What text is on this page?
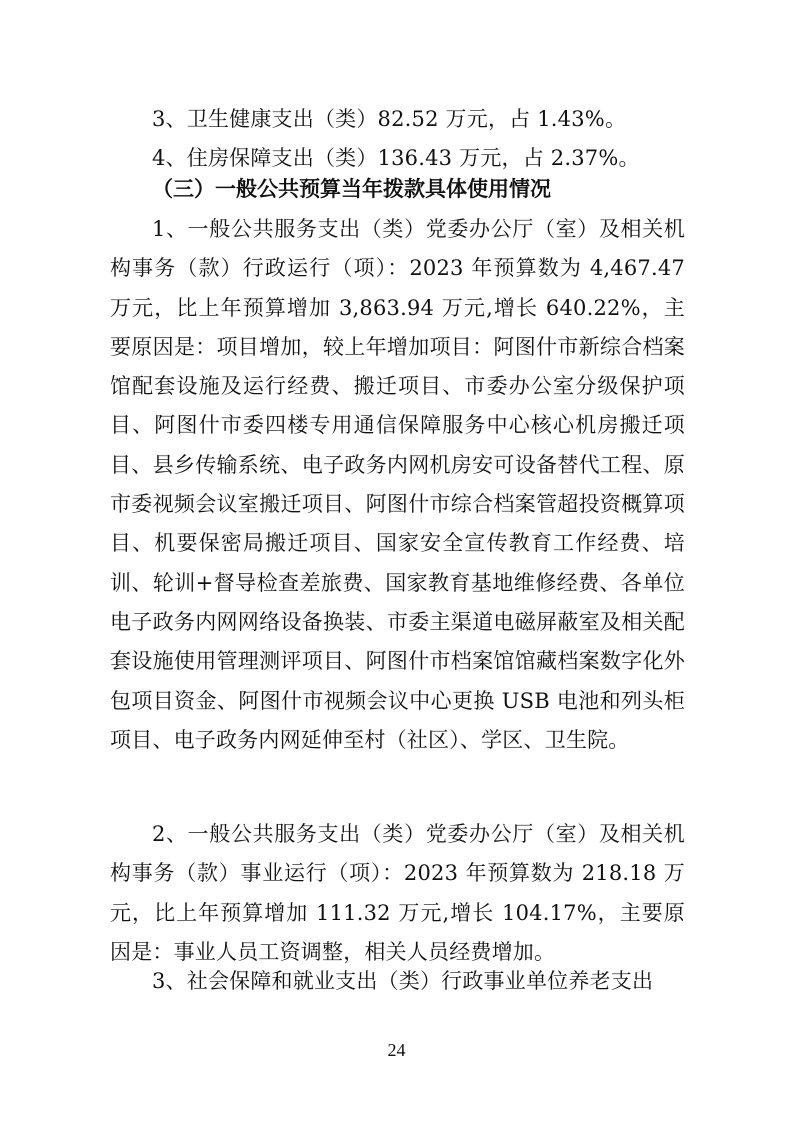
3、卫生健康支出（类）82.52 万元，占 1.43%。

4、住房保障支出（类）136.43 万元，占 2.37%。

（三）一般公共预算当年拨款具体使用情况

1、一般公共服务支出（类）党委办公厅（室）及相关机构事务（款）行政运行（项）：2023 年预算数为 4,467.47 万元，比上年预算增加 3,863.94 万元,增长 640.22%，主要原因是：项目增加，较上年增加项目：阿图什市新综合档案馆配套设施及运行经费、搬迁项目、市委办公室分级保护项目、阿图什市委四楼专用通信保障服务中心核心机房搬迁项目、县乡传输系统、电子政务内网机房安可设备替代工程、原市委视频会议室搬迁项目、阿图什市综合档案管超投资概算项目、机要保密局搬迁项目、国家安全宣传教育工作经费、培训、轮训+督导检查差旅费、国家教育基地维修经费、各单位电子政务内网网络设备换装、市委主渠道电磁屏蔽室及相关配套设施使用管理测评项目、阿图什市档案馆馆藏档案数字化外包项目资金、阿图什市视频会议中心更换 USB 电池和列头柜项目、电子政务内网延伸至村（社区）、学区、卫生院。

2、一般公共服务支出（类）党委办公厅（室）及相关机构事务（款）事业运行（项）：2023 年预算数为 218.18 万元，比上年预算增加 111.32 万元,增长 104.17%，主要原因是：事业人员工资调整，相关人员经费增加。

3、社会保障和就业支出（类）行政事业单位养老支出

24
